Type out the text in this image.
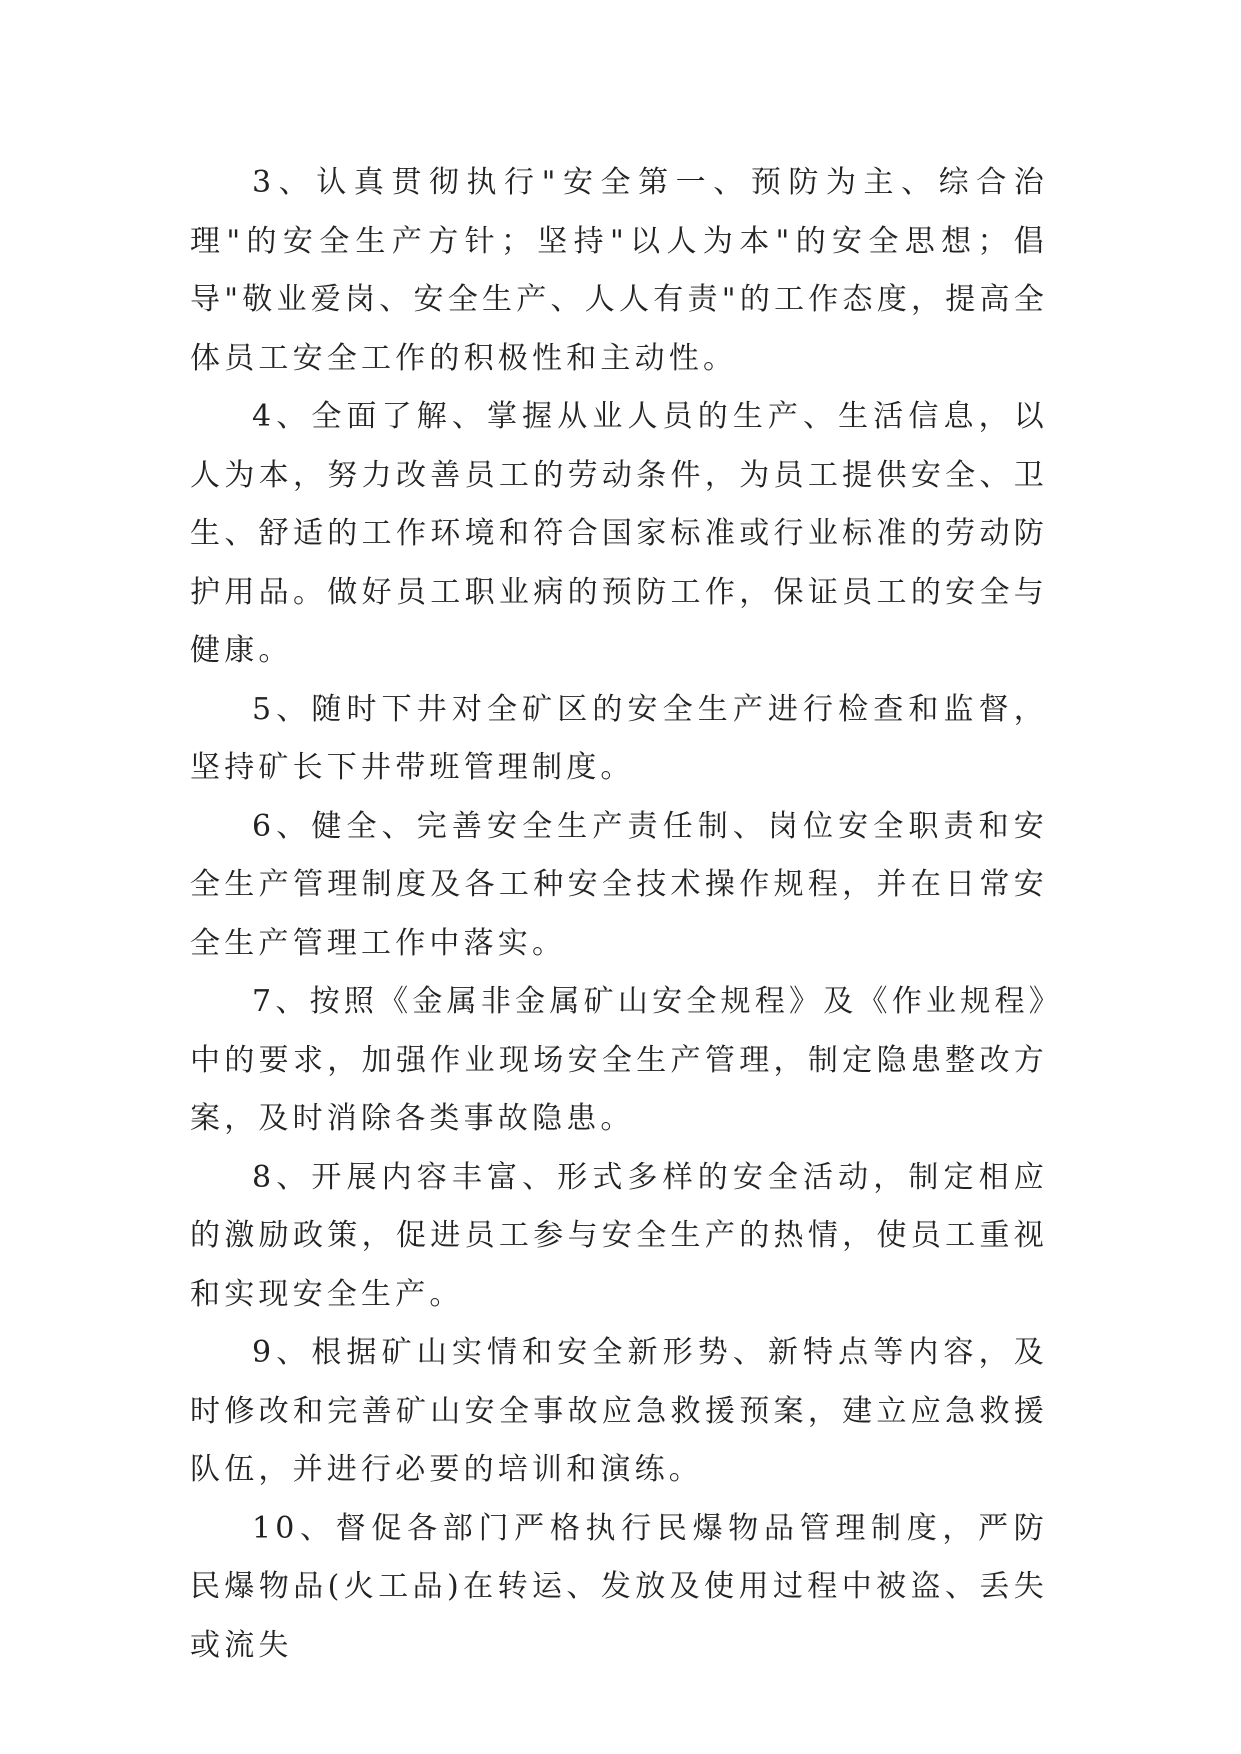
3、认真贯彻执行"安全第一、预防为主、综合治理"的安全生产方针；坚持"以人为本"的安全思想；倡导"敬业爱岗、安全生产、人人有责"的工作态度，提高全体员工安全工作的积极性和主动性。

4、全面了解、掌握从业人员的生产、生活信息，以人为本，努力改善员工的劳动条件，为员工提供安全、卫生、舒适的工作环境和符合国家标准或行业标准的劳动防护用品。做好员工职业病的预防工作，保证员工的安全与健康。

5、随时下井对全矿区的安全生产进行检查和监督，坚持矿长下井带班管理制度。

6、健全、完善安全生产责任制、岗位安全职责和安全生产管理制度及各工种安全技术操作规程，并在日常安全生产管理工作中落实。

7、按照《金属非金属矿山安全规程》及《作业规程》中的要求，加强作业现场安全生产管理，制定隐患整改方案，及时消除各类事故隐患。

8、开展内容丰富、形式多样的安全活动，制定相应的激励政策，促进员工参与安全生产的热情，使员工重视和实现安全生产。

9、根据矿山实情和安全新形势、新特点等内容，及时修改和完善矿山安全事故应急救援预案，建立应急救援队伍，并进行必要的培训和演练。

10、督促各部门严格执行民爆物品管理制度，严防民爆物品(火工品)在转运、发放及使用过程中被盗、丢失或流失
